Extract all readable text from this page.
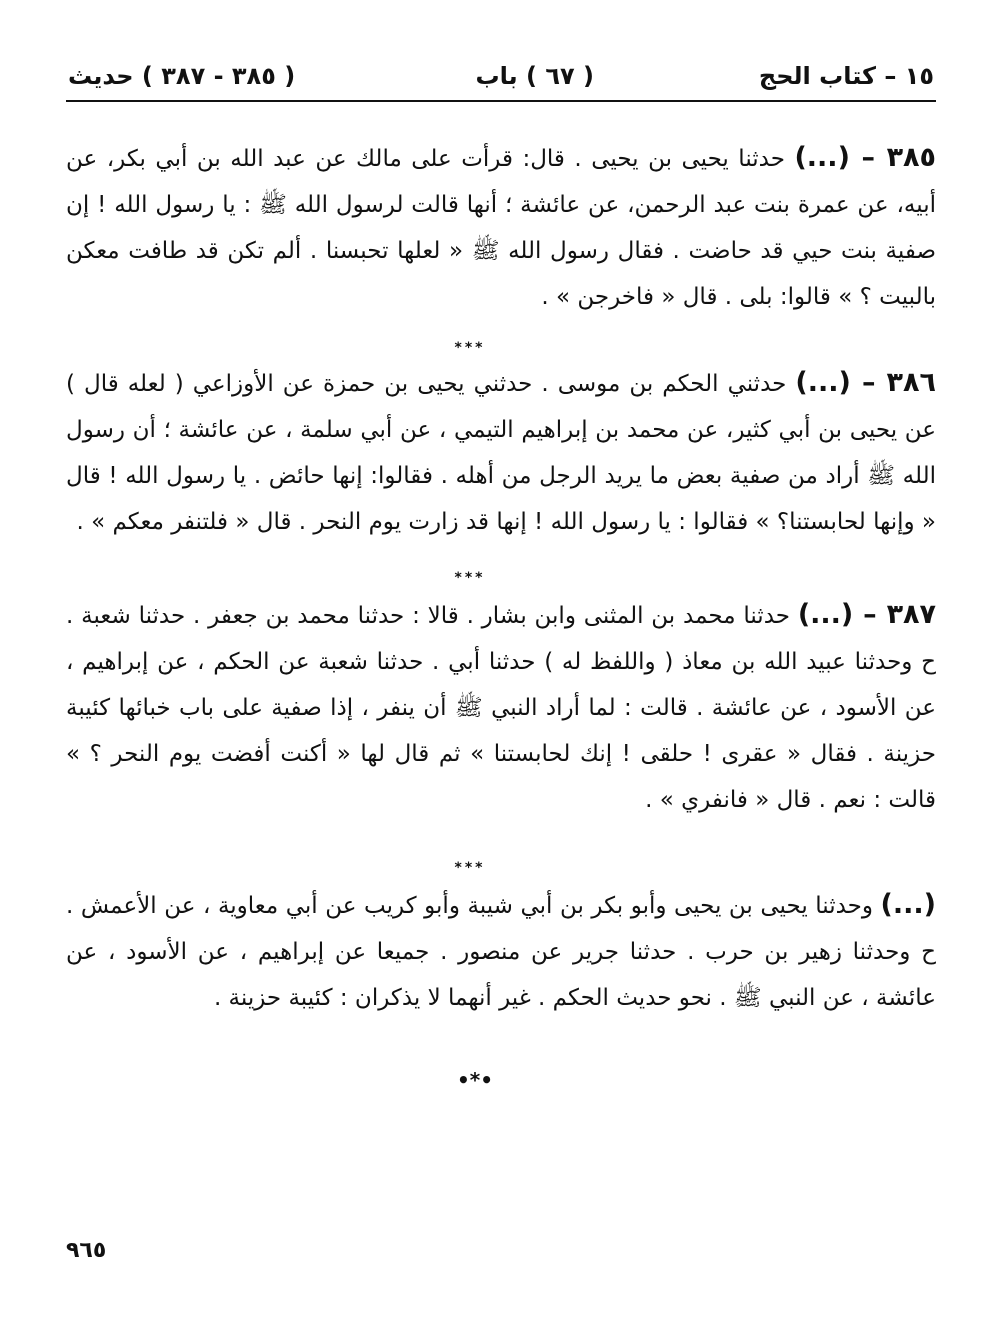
١٥ – كتاب الحج
( ٦٧ ) باب
( ٣٨٥ - ٣٨٧ ) حديث
٣٨٥ – (...) حدثنا يحيى بن يحيى . قال: قرأت على مالك عن عبد الله بن أبي بكر، عن أبيه، عن عمرة بنت عبد الرحمن، عن عائشة ؛ أنها قالت لرسول الله ﷺ : يا رسول الله ! إن صفية بنت حيي قد حاضت . فقال رسول الله ﷺ « لعلها تحبسنا . ألم تكن قد طافت معكن بالبيت ؟ » قالوا: بلى . قال « فاخرجن » .
***
٣٨٦ – (...) حدثني الحكم بن موسى . حدثني يحيى بن حمزة عن الأوزاعي ( لعله قال ) عن يحيى بن أبي كثير، عن محمد بن إبراهيم التيمي ، عن أبي سلمة ، عن عائشة ؛ أن رسول الله ﷺ أراد من صفية بعض ما يريد الرجل من أهله . فقالوا: إنها حائض . يا رسول الله ! قال « وإنها لحابستنا؟ » فقالوا : يا رسول الله ! إنها قد زارت يوم النحر . قال « فلتنفر معكم » .
***
٣٨٧ – (...) حدثنا محمد بن المثنى وابن بشار . قالا : حدثنا محمد بن جعفر . حدثنا شعبة . ح وحدثنا عبيد الله بن معاذ ( واللفظ له ) حدثنا أبي . حدثنا شعبة عن الحكم ، عن إبراهيم ، عن الأسود ، عن عائشة . قالت : لما أراد النبي ﷺ أن ينفر ، إذا صفية على باب خبائها كئيبة حزينة . فقال « عقرى ! حلقى ! إنك لحابستنا » ثم قال لها « أكنت أفضت يوم النحر ؟ » قالت : نعم . قال « فانفري » .
***
(...) وحدثنا يحيى بن يحيى وأبو بكر بن أبي شيبة وأبو كريب عن أبي معاوية ، عن الأعمش . ح وحدثنا زهير بن حرب . حدثنا جرير عن منصور . جميعا عن إبراهيم ، عن الأسود ، عن عائشة ، عن النبي ﷺ . نحو حديث الحكم . غير أنهما لا يذكران : كئيبة حزينة .
•*•
٩٦٥
